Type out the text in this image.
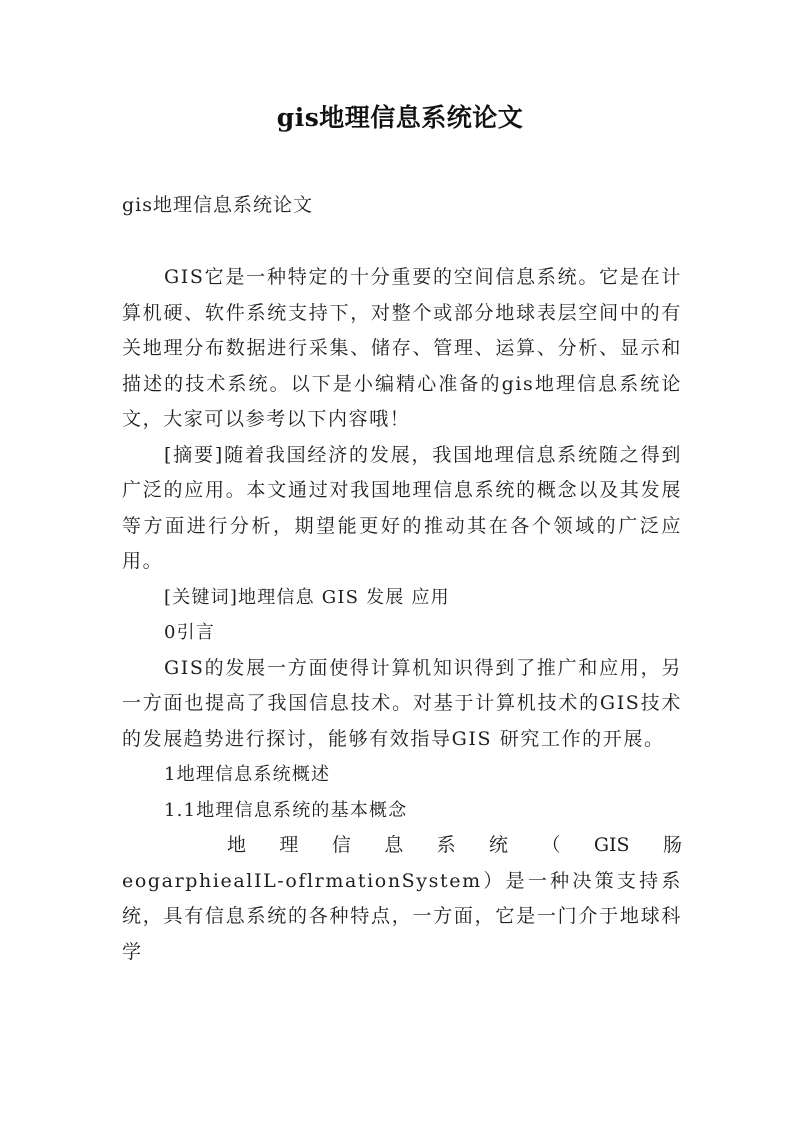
gis地理信息系统论文

gis地理信息系统论文

GIS它是一种特定的十分重要的空间信息系统。它是在计算机硬、软件系统支持下，对整个或部分地球表层空间中的有关地理分布数据进行采集、储存、管理、运算、分析、显示和描述的技术系统。以下是小编精心准备的gis地理信息系统论文，大家可以参考以下内容哦！

[摘要]随着我国经济的发展，我国地理信息系统随之得到广泛的应用。本文通过对我国地理信息系统的概念以及其发展等方面进行分析，期望能更好的推动其在各个领域的广泛应用。

[关键词]地理信息 GIS 发展 应用

0引言

GIS的发展一方面使得计算机知识得到了推广和应用，另一方面也提高了我国信息技术。对基于计算机技术的GIS技术的发展趋势进行探讨，能够有效指导GIS 研究工作的开展。

1地理信息系统概述

1.1地理信息系统的基本概念

地 理 信 息 系 统 （ GIS 肠

eogarphiealIL-oflrmationSystem）是一种决策支持系统，具有信息系统的各种特点，一方面，它是一门介于地球科学
